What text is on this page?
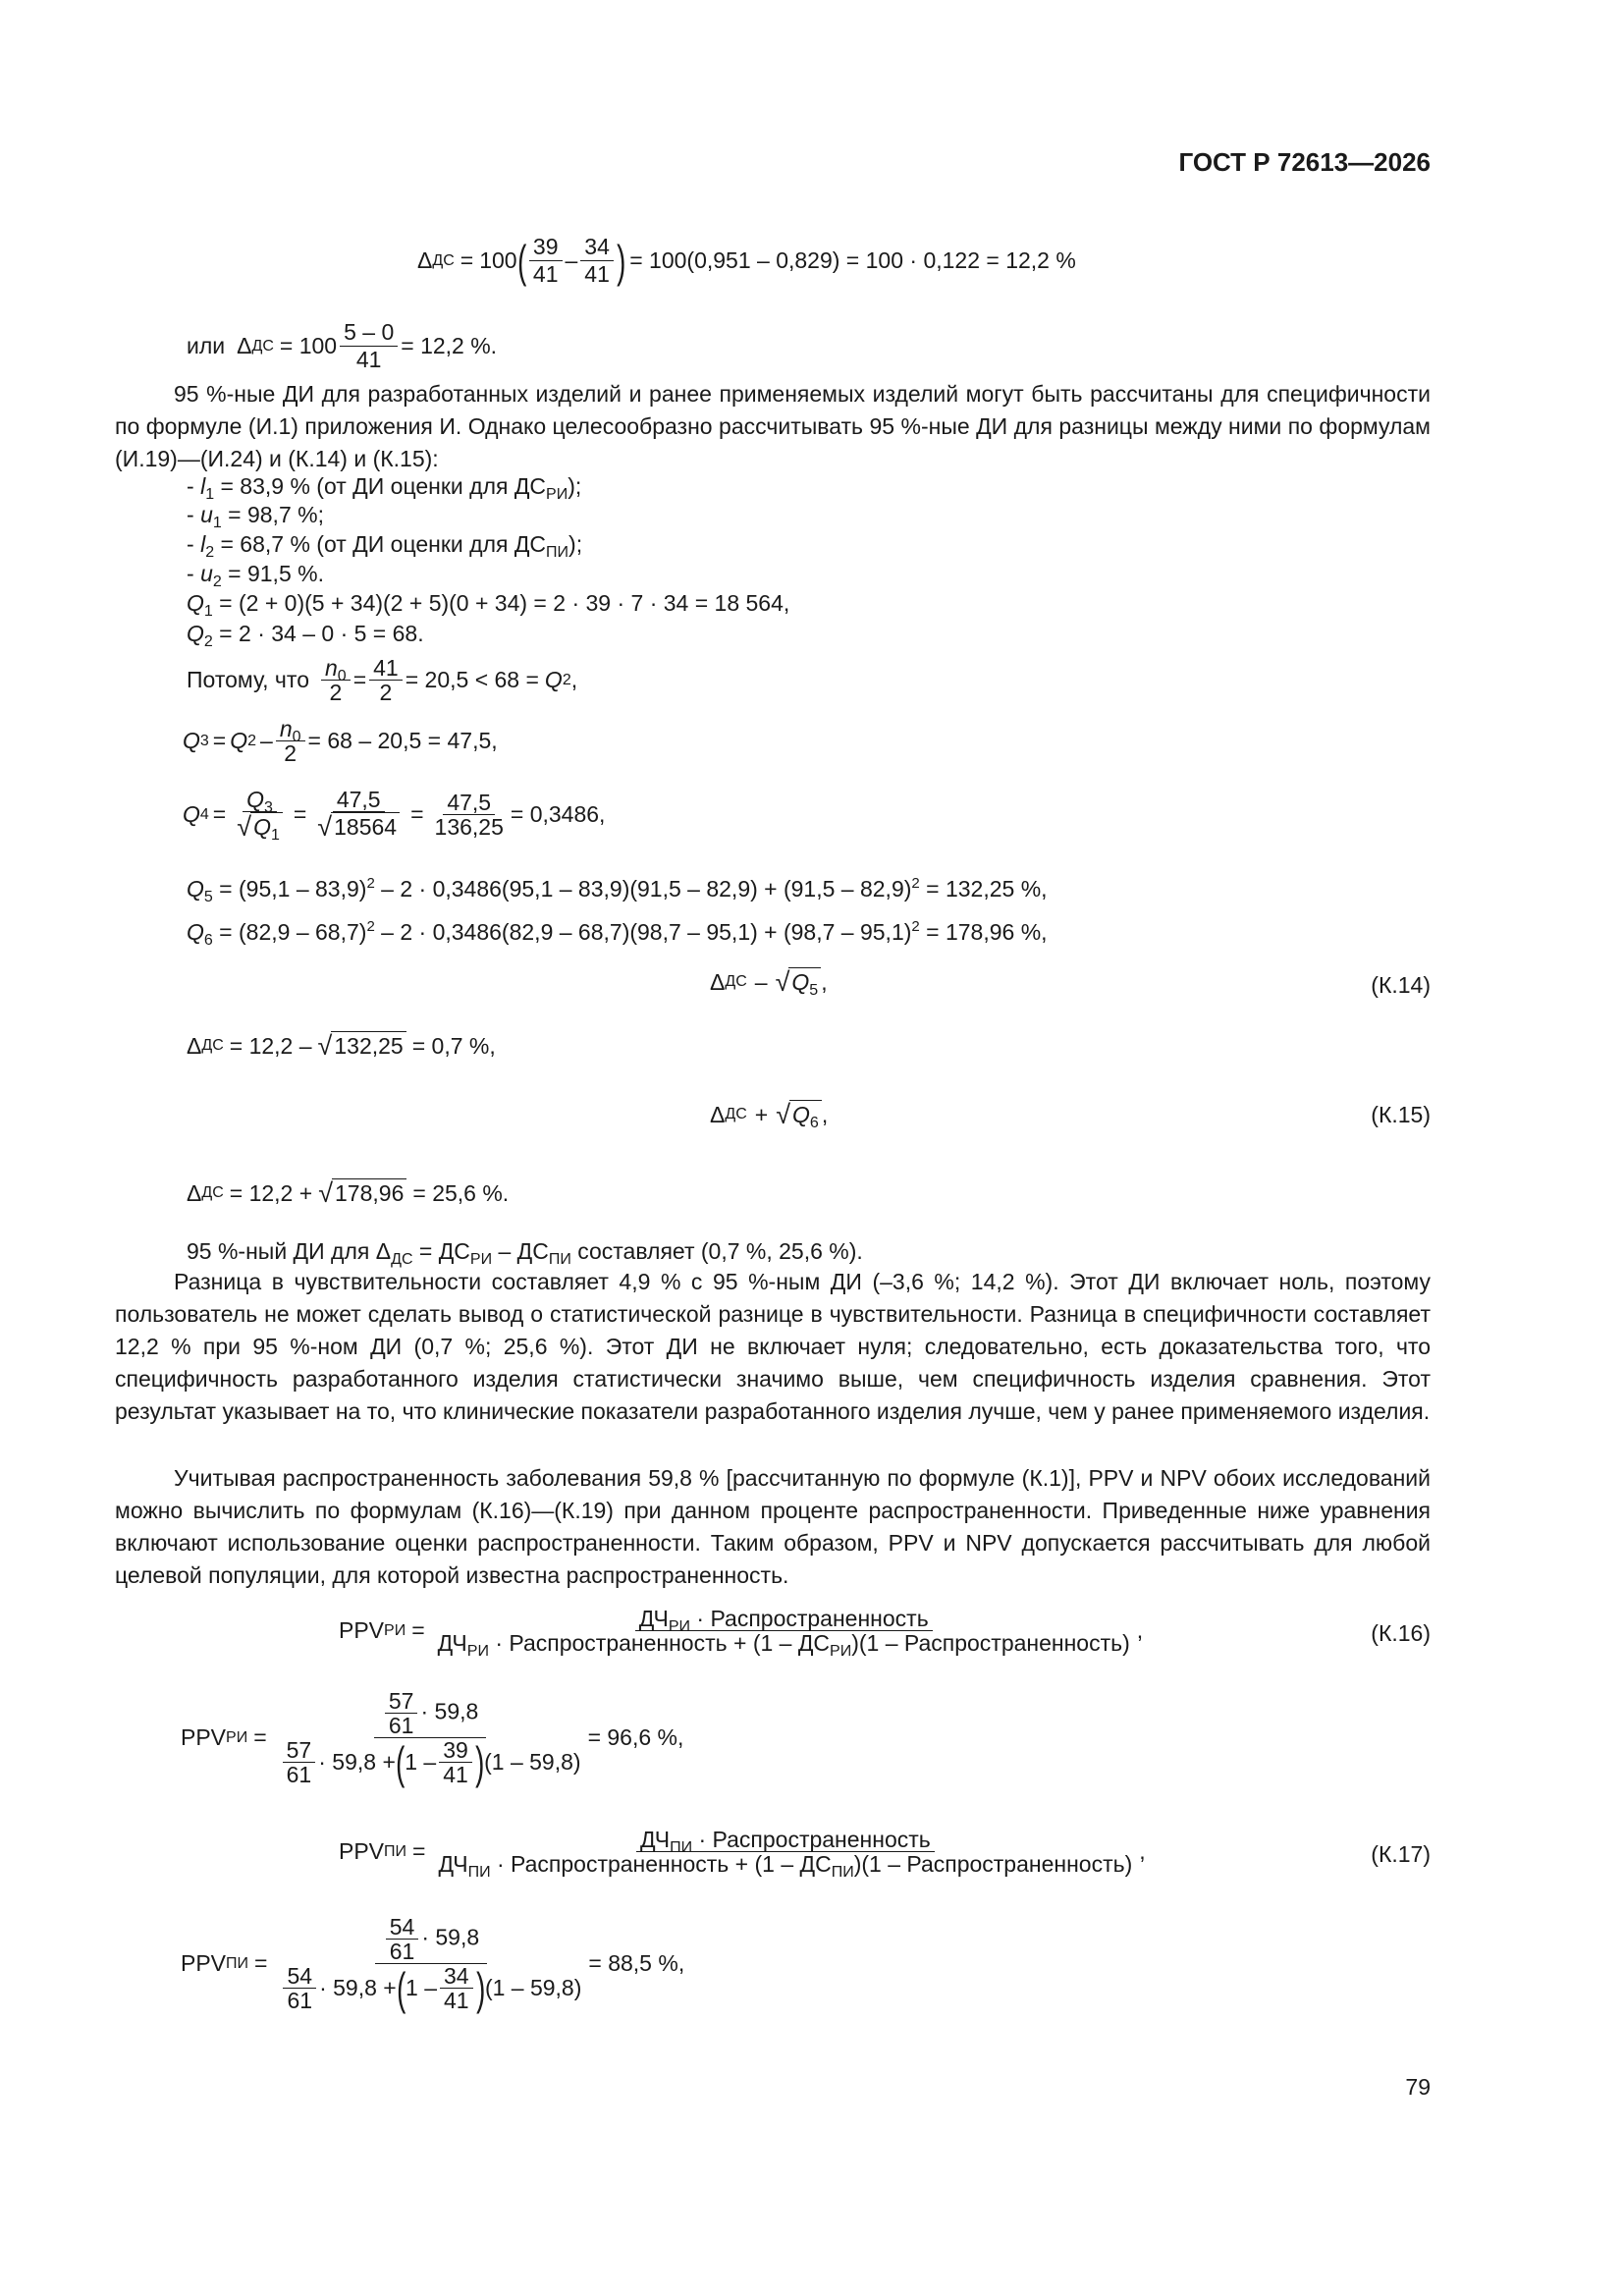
ГОСТ Р 72613—2026
Δ ДС = 100 ( $\frac{39}{41} - \frac{34}{41}$ ) = 100(0,951 – 0,829) = 100 · 0,122 = 12,2 %
или Δ ДС = $100 \frac{5 - 0}{41} = 12,2$ %.
95 %-ные ДИ для разработанных изделий и ранее применяемых изделий могут быть рассчитаны для специфичности по формуле (И.1) приложения И. Однако целесообразно рассчитывать 95 %-ные ДИ для разницы между ними по формулам (И.19)—(И.24) и (К.14) и (К.15):
- $l_1 = 83,9$ % (от ДИ оценки для $ДС_{РИ}$);
- $u_1 = 98,7$ %;
- $l_2 = 68,7$ % (от ДИ оценки для $ДС_{ПИ}$);
- $u_2 = 91,5$ %.
$Q_1 = (2 + 0)(5 + 34)(2 + 5)(0 + 34) = 2 \cdot 39 \cdot 7 \cdot 34 = 18$ 564,
$Q_2 = 2 \cdot 34 - 0 \cdot 5 = 68$.
Потому, что $\frac{n_0}{2} = \frac{41}{2} = 20,5 < 68 = Q$ 2 ,
Q 3 = Q $2 - \frac{n_0}{2} = 68 - 20,5 = 47,5$,
Q $4 = \frac{Q_3}{√ Q_1} = \frac{47,5}{√ 18564} = \frac{47,5}{136,25} = 0,3486$,
$Q_5 = (95,1 - 83,9)^2 - 2 \cdot 0,3486(95,1 - 83,9)(91,5 - 82,9) + (91,5 - 82,9)^2 = 132,25$ %,
$Q_6 = (82,9 - 68,7)^2 - 2 \cdot 0,3486(82,9 - 68,7)(98,7 - 95,1) + (98,7 - 95,1)^2 = 178,96$ %,
Δ ДС – √ $Q_5$ ,	(К.14)
Δ ДС = 12,2 – √ 132,25 = 0,7 %,
Δ ДС + √ $Q_6$ ,	(К.15)
Δ ДС = 12,2 + √ 178,96 = 25,6 %.
95 %-ный ДИ для $\Delta_{ДС} = ДС_{РИ} - ДС_{ПИ}$ составляет (0,7 %, 25,6 %).
Разница в чувствительности составляет 4,9 % с 95 %-ным ДИ (–3,6 %; 14,2 %). Этот ДИ включает ноль, поэтому пользователь не может сделать вывод о статистической разнице в чувствительности. Разница в специфичности составляет 12,2 % при 95 %-ном ДИ (0,7 %; 25,6 %). Этот ДИ не включает нуля; следовательно, есть доказательства того, что специфичность разработанного изделия статистически значимо выше, чем специфичность изделия сравнения. Этот результат указывает на то, что клинические показатели разработанного изделия лучше, чем у ранее применяемого изделия.
Учитывая распространенность заболевания 59,8 % [рассчитанную по формуле (К.1)], PPV и NPV обоих исследований можно вычислить по формулам (К.16)—(К.19) при данном проценте распространенности. Приведенные ниже уравнения включают использование оценки распространенности. Таким образом, PPV и NPV допускается рассчитывать для любой целевой популяции, для которой известна распространенность.
PPV РИ =	$ДЧ_{РИ}$ · Распространенность
$ДЧ_{РИ}$ · Распространенность + $(1 - ДС_{РИ})(1$ – Распространенность) ,	(К.16)
PPV РИ = $\frac{\frac{57}{61} \cdot 59,8}{\frac{57}{61} \cdot 59,8 + ( 1 - \frac{39}{41} ) (1 - 59,8)} = 96,6$ %,
PPV ПИ =	$ДЧ_{ПИ}$ · Распространенность
$ДЧ_{ПИ}$ · Распространенность + $(1 - ДС_{ПИ})(1$ – Распространенность) ,	(К.17)
PPV ПИ = $\frac{\frac{54}{61} \cdot 59,8}{\frac{54}{61} \cdot 59,8 + ( 1 - \frac{34}{41} ) (1 - 59,8)} = 88,5$ %,
79
